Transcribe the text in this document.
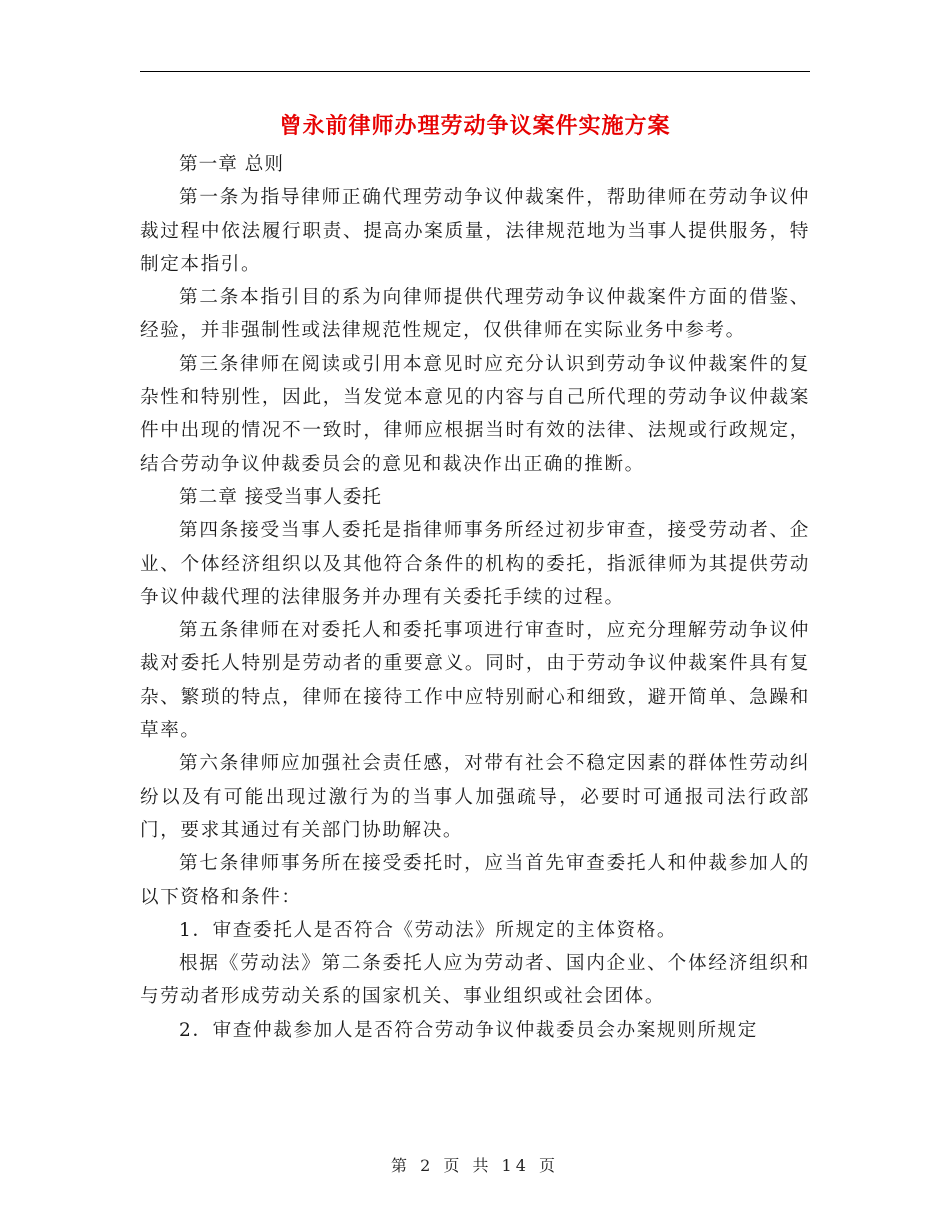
曾永前律师办理劳动争议案件实施方案

第一章 总则

第一条为指导律师正确代理劳动争议仲裁案件，帮助律师在劳动争议仲裁过程中依法履行职责、提高办案质量，法律规范地为当事人提供服务，特制定本指引。

第二条本指引目的系为向律师提供代理劳动争议仲裁案件方面的借鉴、经验，并非强制性或法律规范性规定，仅供律师在实际业务中参考。

第三条律师在阅读或引用本意见时应充分认识到劳动争议仲裁案件的复杂性和特别性，因此，当发觉本意见的内容与自己所代理的劳动争议仲裁案件中出现的情况不一致时，律师应根据当时有效的法律、法规或行政规定，结合劳动争议仲裁委员会的意见和裁决作出正确的推断。

第二章 接受当事人委托

第四条接受当事人委托是指律师事务所经过初步审查，接受劳动者、企业、个体经济组织以及其他符合条件的机构的委托，指派律师为其提供劳动争议仲裁代理的法律服务并办理有关委托手续的过程。

第五条律师在对委托人和委托事项进行审查时，应充分理解劳动争议仲裁对委托人特别是劳动者的重要意义。同时，由于劳动争议仲裁案件具有复杂、繁琐的特点，律师在接待工作中应特别耐心和细致，避开简单、急躁和草率。

第六条律师应加强社会责任感，对带有社会不稳定因素的群体性劳动纠纷以及有可能出现过激行为的当事人加强疏导，必要时可通报司法行政部门，要求其通过有关部门协助解决。

第七条律师事务所在接受委托时，应当首先审查委托人和仲裁参加人的以下资格和条件：

1．审查委托人是否符合《劳动法》所规定的主体资格。

根据《劳动法》第二条委托人应为劳动者、国内企业、个体经济组织和与劳动者形成劳动关系的国家机关、事业组织或社会团体。

2．审查仲裁参加人是否符合劳动争议仲裁委员会办案规则所规定

第 2 页 共 14 页
